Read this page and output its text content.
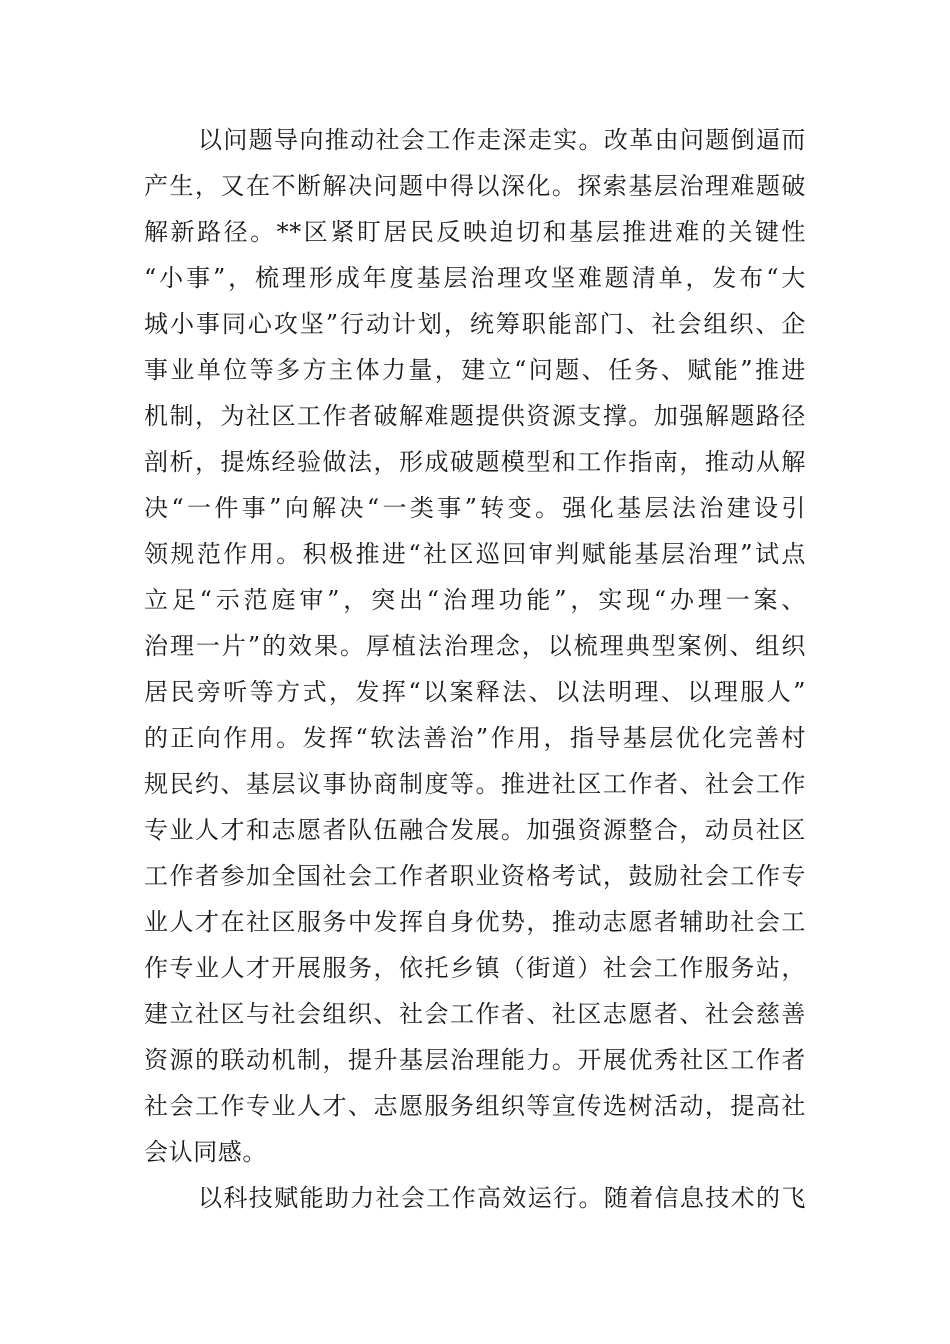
以问题导向推动社会工作走深走实。改革由问题倒逼而
产生，又在不断解决问题中得以深化。探索基层治理难题破
解新路径。**区紧盯居民反映迫切和基层推进难的关键性
“小事”，梳理形成年度基层治理攻坚难题清单，发布“大
城小事同心攻坚”行动计划，统筹职能部门、社会组织、企
事业单位等多方主体力量，建立“问题、任务、赋能”推进
机制，为社区工作者破解难题提供资源支撑。加强解题路径
剖析，提炼经验做法，形成破题模型和工作指南，推动从解
决“一件事”向解决“一类事”转变。强化基层法治建设引
领规范作用。积极推进“社区巡回审判赋能基层治理”试点
立足“示范庭审”，突出“治理功能”，实现“办理一案、
治理一片”的效果。厚植法治理念，以梳理典型案例、组织
居民旁听等方式，发挥“以案释法、以法明理、以理服人”
的正向作用。发挥“软法善治”作用，指导基层优化完善村
规民约、基层议事协商制度等。推进社区工作者、社会工作
专业人才和志愿者队伍融合发展。加强资源整合，动员社区
工作者参加全国社会工作者职业资格考试，鼓励社会工作专
业人才在社区服务中发挥自身优势，推动志愿者辅助社会工
作专业人才开展服务，依托乡镇（街道）社会工作服务站，
建立社区与社会组织、社会工作者、社区志愿者、社会慈善
资源的联动机制，提升基层治理能力。开展优秀社区工作者
社会工作专业人才、志愿服务组织等宣传选树活动，提高社
会认同感。
以科技赋能助力社会工作高效运行。随着信息技术的飞
